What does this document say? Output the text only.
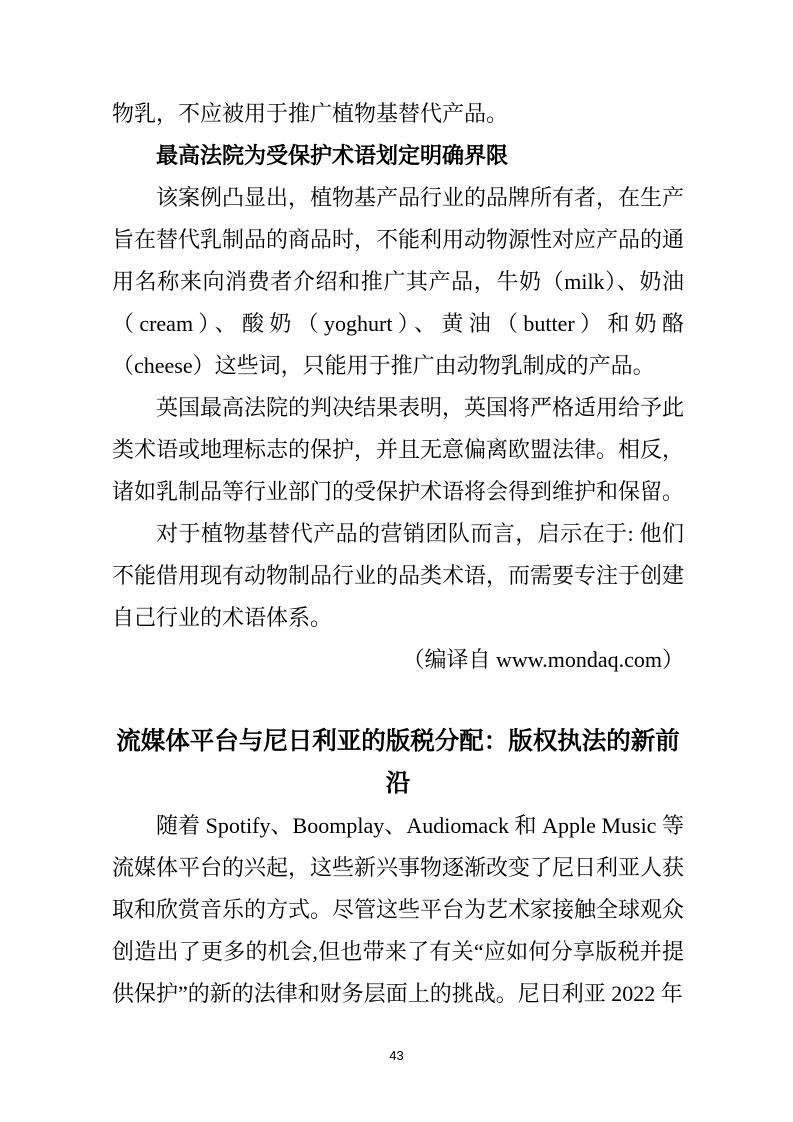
物乳，不应被用于推广植物基替代产品。

最高法院为受保护术语划定明确界限

该案例凸显出，植物基产品行业的品牌所有者，在生产旨在替代乳制品的商品时，不能利用动物源性对应产品的通用名称来向消费者介绍和推广其产品，牛奶（milk）、奶油（cream）、酸奶（yoghurt）、黄油（butter）和奶酪（cheese）这些词，只能用于推广由动物乳制成的产品。

英国最高法院的判决结果表明，英国将严格适用给予此类术语或地理标志的保护，并且无意偏离欧盟法律。相反，诸如乳制品等行业部门的受保护术语将会得到维护和保留。

对于植物基替代产品的营销团队而言，启示在于: 他们不能借用现有动物制品行业的品类术语，而需要专注于创建自己行业的术语体系。

（编译自 www.mondaq.com）

流媒体平台与尼日利亚的版税分配：版权执法的新前沿

随着 Spotify、Boomplay、Audiomack 和 Apple Music 等流媒体平台的兴起，这些新兴事物逐渐改变了尼日利亚人获取和欣赏音乐的方式。尽管这些平台为艺术家接触全球观众创造出了更多的机会,但也带来了有关“应如何分享版税并提供保护”的新的法律和财务层面上的挑战。尼日利亚 2022 年

43
